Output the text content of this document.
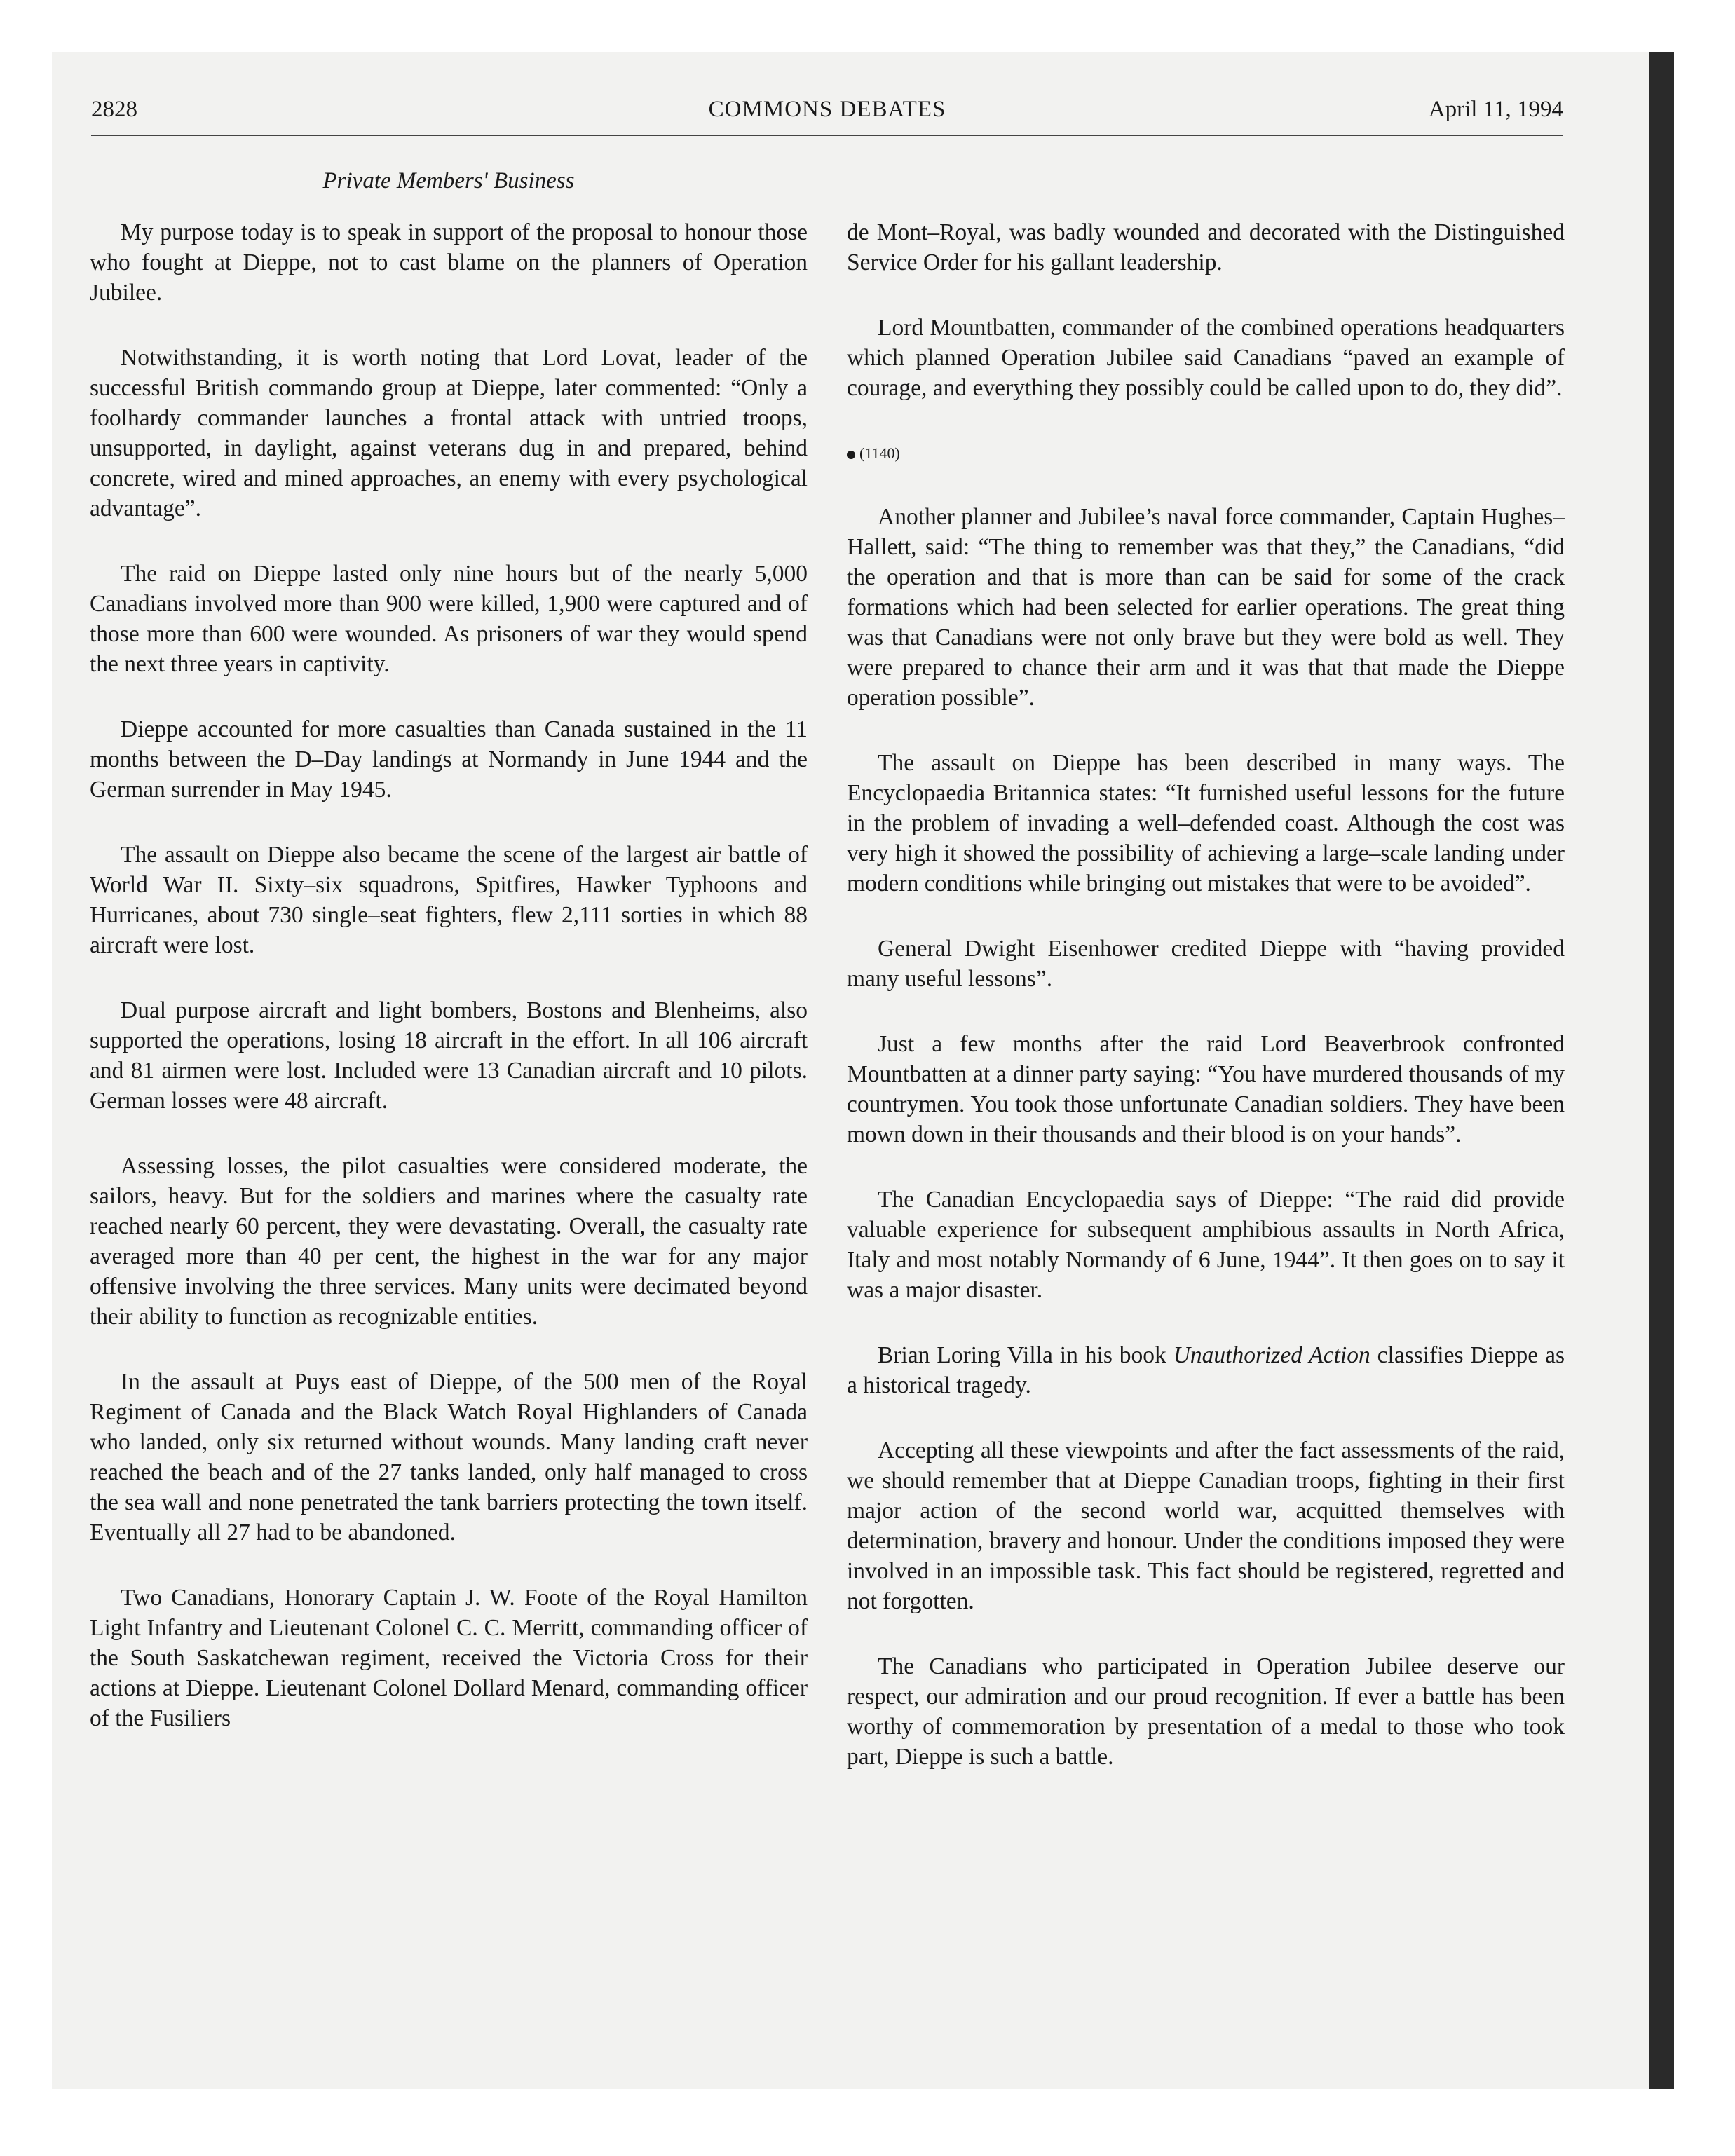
2828	COMMONS DEBATES	April 11, 1994
Private Members' Business

My purpose today is to speak in support of the proposal to honour those who fought at Dieppe, not to cast blame on the planners of Operation Jubilee.

Notwithstanding, it is worth noting that Lord Lovat, leader of the successful British commando group at Dieppe, later commented: “Only a foolhardy commander launches a frontal attack with untried troops, unsupported, in daylight, against veterans dug in and prepared, behind concrete, wired and mined approaches, an enemy with every psychological advantage”.

The raid on Dieppe lasted only nine hours but of the nearly 5,000 Canadians involved more than 900 were killed, 1,900 were captured and of those more than 600 were wounded. As prisoners of war they would spend the next three years in captivity.

Dieppe accounted for more casualties than Canada sustained in the 11 months between the D–Day landings at Normandy in June 1944 and the German surrender in May 1945.

The assault on Dieppe also became the scene of the largest air battle of World War II. Sixty–six squadrons, Spitfires, Hawker Typhoons and Hurricanes, about 730 single–seat fighters, flew 2,111 sorties in which 88 aircraft were lost.

Dual purpose aircraft and light bombers, Bostons and Blenheims, also supported the operations, losing 18 aircraft in the effort. In all 106 aircraft and 81 airmen were lost. Included were 13 Canadian aircraft and 10 pilots. German losses were 48 aircraft.

Assessing losses, the pilot casualties were considered moderate, the sailors, heavy. But for the soldiers and marines where the casualty rate reached nearly 60 percent, they were devastating. Overall, the casualty rate averaged more than 40 per cent, the highest in the war for any major offensive involving the three services. Many units were decimated beyond their ability to function as recognizable entities.

In the assault at Puys east of Dieppe, of the 500 men of the Royal Regiment of Canada and the Black Watch Royal Highlanders of Canada who landed, only six returned without wounds. Many landing craft never reached the beach and of the 27 tanks landed, only half managed to cross the sea wall and none penetrated the tank barriers protecting the town itself. Eventually all 27 had to be abandoned.

Two Canadians, Honorary Captain J. W. Foote of the Royal Hamilton Light Infantry and Lieutenant Colonel C. C. Merritt, commanding officer of the South Saskatchewan regiment, received the Victoria Cross for their actions at Dieppe. Lieutenant Colonel Dollard Menard, commanding officer of the Fusiliers

de Mont–Royal, was badly wounded and decorated with the Distinguished Service Order for his gallant leadership.

Lord Mountbatten, commander of the combined operations headquarters which planned Operation Jubilee said Canadians “paved an example of courage, and everything they possibly could be called upon to do, they did”.

(1140)

Another planner and Jubilee’s naval force commander, Captain Hughes–Hallett, said: “The thing to remember was that they,” the Canadians, “did the operation and that is more than can be said for some of the crack formations which had been selected for earlier operations. The great thing was that Canadians were not only brave but they were bold as well. They were prepared to chance their arm and it was that that made the Dieppe operation possible”.

The assault on Dieppe has been described in many ways. The Encyclopaedia Britannica states: “It furnished useful lessons for the future in the problem of invading a well–defended coast. Although the cost was very high it showed the possibility of achieving a large–scale landing under modern conditions while bringing out mistakes that were to be avoided”.

General Dwight Eisenhower credited Dieppe with “having provided many useful lessons”.

Just a few months after the raid Lord Beaverbrook confronted Mountbatten at a dinner party saying: “You have murdered thousands of my countrymen. You took those unfortunate Canadian soldiers. They have been mown down in their thousands and their blood is on your hands”.

The Canadian Encyclopaedia says of Dieppe: “The raid did provide valuable experience for subsequent amphibious assaults in North Africa, Italy and most notably Normandy of 6 June, 1944”. It then goes on to say it was a major disaster.

Brian Loring Villa in his book Unauthorized Action classifies Dieppe as a historical tragedy.

Accepting all these viewpoints and after the fact assessments of the raid, we should remember that at Dieppe Canadian troops, fighting in their first major action of the second world war, acquitted themselves with determination, bravery and honour. Under the conditions imposed they were involved in an impossible task. This fact should be registered, regretted and not forgotten.

The Canadians who participated in Operation Jubilee deserve our respect, our admiration and our proud recognition. If ever a battle has been worthy of commemoration by presentation of a medal to those who took part, Dieppe is such a battle.
